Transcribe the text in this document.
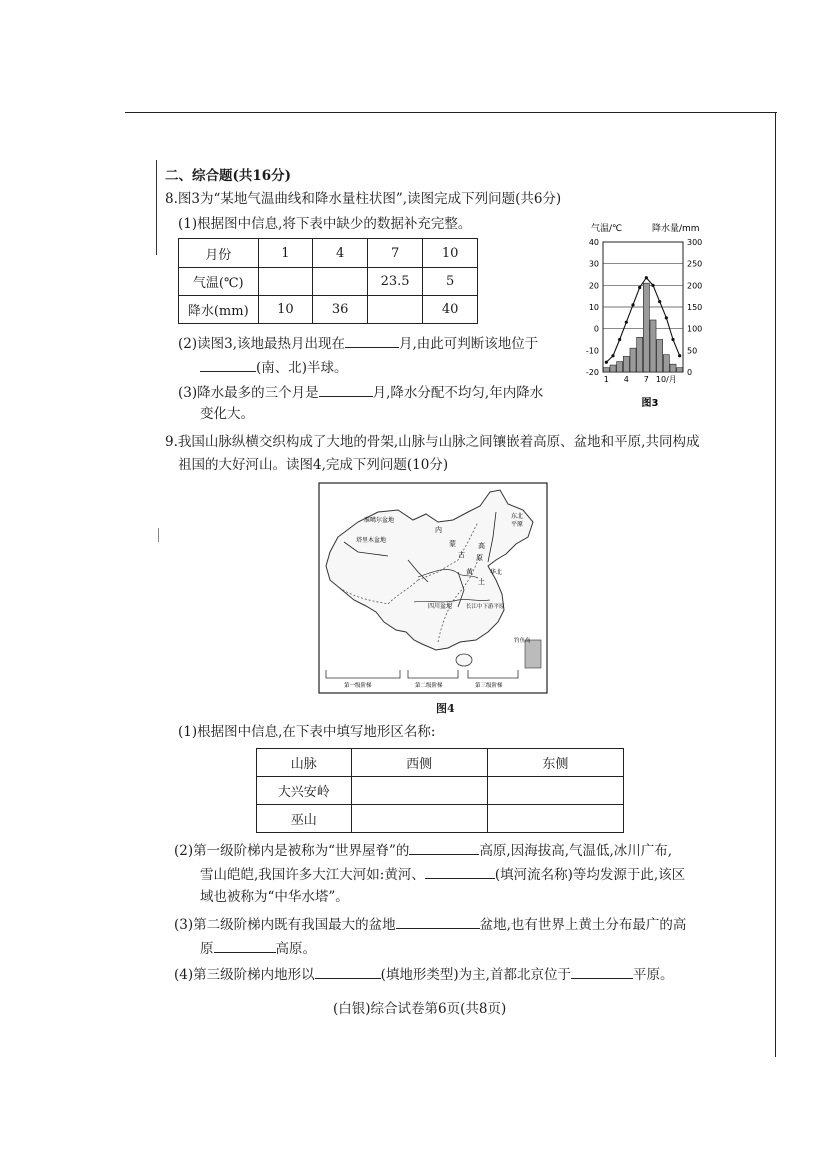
二、综合题(共16分)
8.图3为“某地气温曲线和降水量柱状图”,读图完成下列问题(共6分)
(1)根据图中信息,将下表中缺少的数据补充完整。
月份	1	4	7	10
气温(℃)			23.5	5
降水(mm)	10	36		40
(2)读图3,该地最热月出现在	月,由此可判断该地位于
(南、北)半球。
(3)降水最多的三个月是	月,降水分配不均匀,年内降水
变化大。
气温/℃	降水量/mm
40
30
20
10
0
-10
-20
300
250
200
150
100
50
0
1 4 7 10/月
图3
9.我国山脉纵横交织构成了大地的骨架,山脉与山脉之间镶嵌着高原、盆地和平原,共同构成
祖国的大好河山。读图4,完成下列问题(10分)
东北
平原
准噶尔盆地
塔里木盆地
内
蒙
古
高
原
黄
土
华北
四川盆地	长江中下游平原
钓鱼岛
第一级阶梯	第二级阶梯	第三级阶梯
图4
(1)根据图中信息,在下表中填写地形区名称:
山脉	西侧	东侧
大兴安岭		
巫山		
(2)第一级阶梯内是被称为“世界屋脊”的	高原,因海拔高,气温低,冰川广布,
雪山皑皑,我国许多大江大河如:黄河、	(填河流名称)等均发源于此,该区
域也被称为“中华水塔”。
(3)第二级阶梯内既有我国最大的盆地	盆地,也有世界上黄土分布最广的高
原	高原。
(4)第三级阶梯内地形以	(填地形类型)为主,首都北京位于	平原。
(白银)综合试卷第6页(共8页)
